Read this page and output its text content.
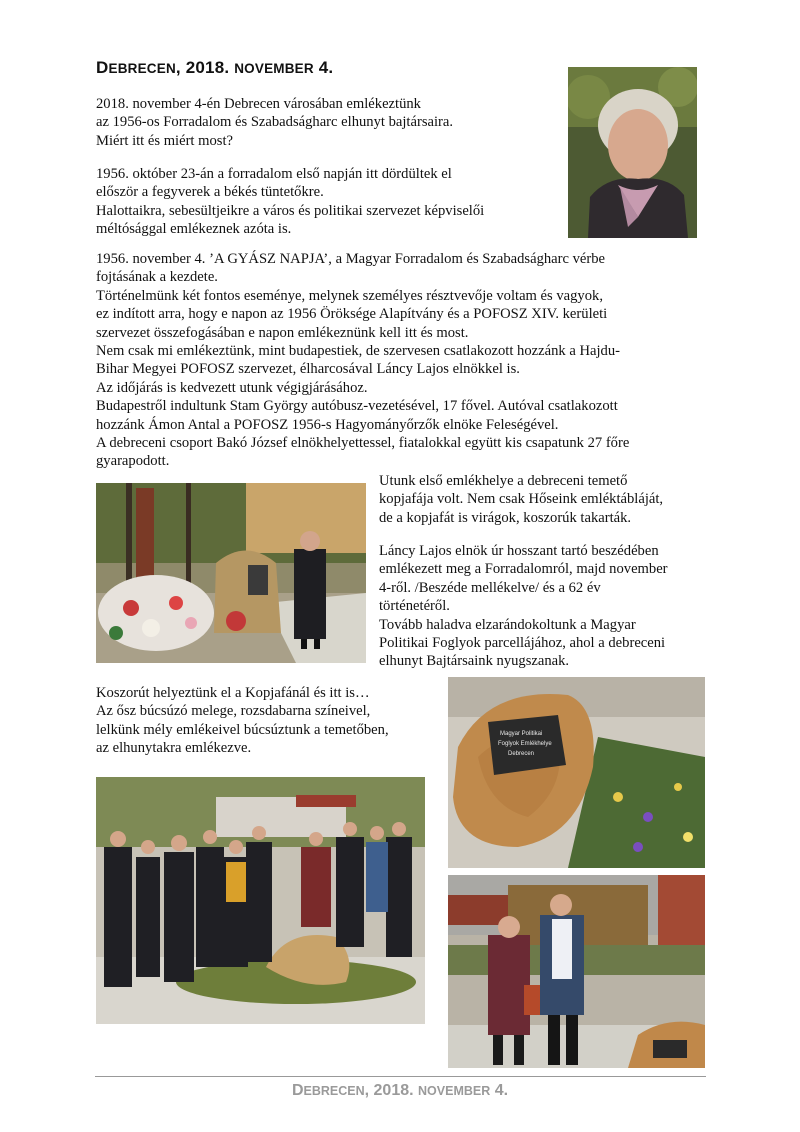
DEBRECEN, 2018. NOVEMBER 4.

2018. november 4-én Debrecen városában emlékeztünk
az 1956-os Forradalom és Szabadságharc elhunyt bajtársaira.
Miért itt és miért most?

1956. október 23-án a forradalom első napján itt dördültek el
először a fegyverek a békés tüntetőkre.
Halottaikra, sebesültjeikre a város és politikai szervezet képviselői
méltósággal emlékeznek azóta is.

1956. november 4. ’A GYÁSZ NAPJA’, a Magyar Forradalom és Szabadságharc vérbe
fojtásának a kezdete.
Történelmünk két fontos eseménye, melynek személyes résztvevője voltam és vagyok,
ez indított arra, hogy e napon az 1956 Öröksége Alapítvány és a POFOSZ XIV. kerületi
szervezet összefogásában e napon emlékeznünk kell itt és most.
Nem csak mi emlékeztünk, mint budapestiek, de szervesen csatlakozott hozzánk a Hajdu-
Bihar Megyei POFOSZ szervezet, élharcosával Láncy Lajos elnökkel is.
Az időjárás is kedvezett utunk végigjárásához.
Budapestről indultunk Stam György autóbusz-vezetésével, 17 fővel. Autóval csatlakozott
hozzánk Ámon Antal a POFOSZ 1956-s Hagyományőrzők elnöke Feleségével.
A debreceni csoport Bakó József elnökhelyettessel, fiatalokkal együtt kis csapatunk 27 főre
gyarapodott.

Utunk első emlékhelye a debreceni temető
kopjafája volt. Nem csak Hőseink emléktábláját,
de a kopjafát is virágok, koszorúk takarták.

Láncy Lajos elnök úr hosszant tartó beszédében
emlékezett meg a Forradalomról, majd november
4-ről. /Beszéde mellékelve/ és a 62 év
történetéről.
Tovább haladva elzarándokoltunk a Magyar
Politikai Foglyok parcellájához, ahol a debreceni
elhunyt Bajtársaink nyugszanak.

Koszorút helyeztünk el a Kopjafánál és itt is…
Az ősz búcsúzó melege, rozsdabarna színeivel,
lelkünk mély emlékeivel búcsúztunk a temetőben,
az elhunytakra emlékezve.

Magyar Politikai
Foglyok Emlékhelye
Debrecen
DEBRECEN, 2018. NOVEMBER 4.
